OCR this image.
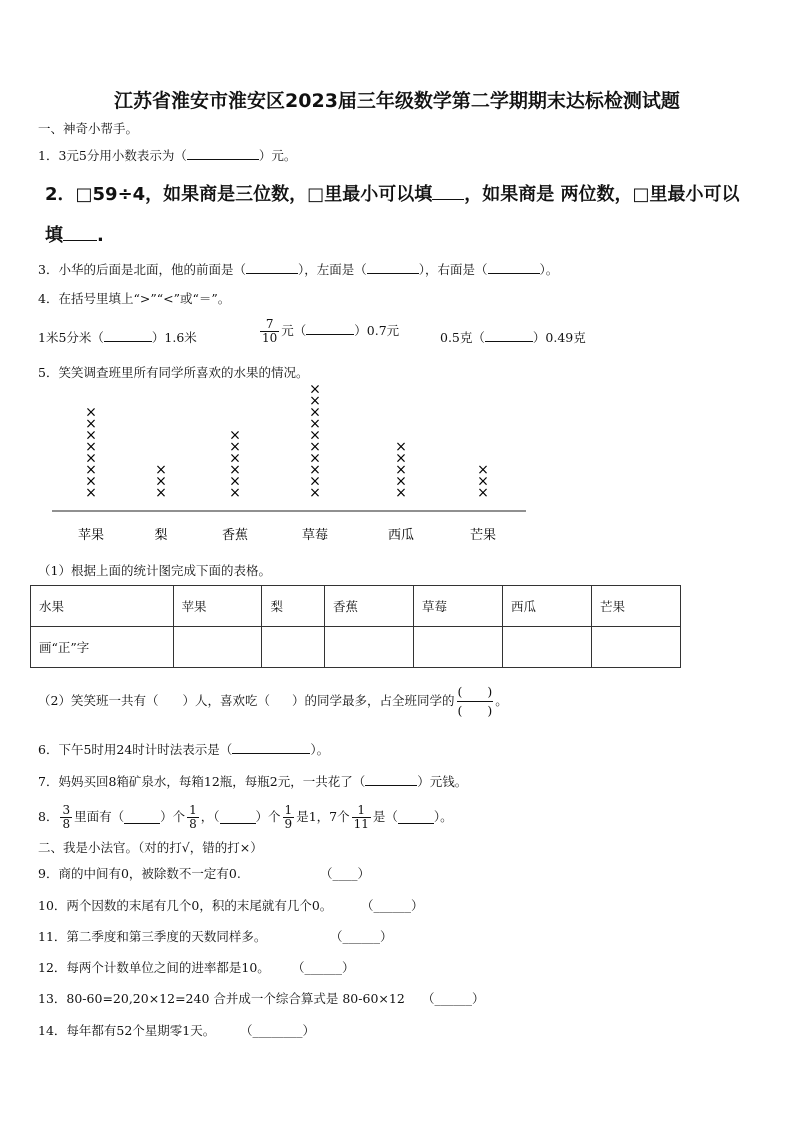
江苏省淮安市淮安区2023届三年级数学第二学期期末达标检测试题
一、神奇小帮手。
1．3元5分用小数表示为（	）元。
2．□59÷4，如果商是三位数，□里最小可以填 ，如果商是 两位数，□里最小可以
填 .
3．小华的后面是北面，他的前面是（	），左面是（	），右面是（	）。
4．在括号里填上“>”“<”或“＝”。
1米5分米（	）1.6米	$\frac{7}{10}$ 元（	）0.7元	0.5克（	）0.49克
5．笑笑调查班里所有同学所喜欢的水果的情况。
×
×
×
×
×
×
×
×
×
×
×
×
×
×
×
×
×
×
×
×
×
×
×
×
×
×
×
×
×
×
×
×
×
×
×
苹果	梨	香蕉	草莓	西瓜	芒果
（1）根据上面的统计图完成下面的表格。
水果	苹果	梨	香蕉	草莓	西瓜	芒果
画“正”字						
（2）笑笑班一共有（ ）人，喜欢吃（ ）的同学最多，占全班同学的 $\frac{( )}{( )}$ 。
6．下午5时用24时计时法表示是（	）。
7．妈妈买回8箱矿泉水，每箱12瓶，每瓶2元，一共花了（	）元钱。
8． $\frac{3}{8}$ 里面有（	）个 $\frac{1}{8}$ ，（	）个 $\frac{1}{9}$ 是1，7个 $\frac{1}{11}$ 是（	）。
二、我是小法官。（对的打√，错的打×）
9．商的中间有0，被除数不一定有0.	（____）
10．两个因数的末尾有几个0，积的末尾就有几个0。 （______）
11．第二季度和第三季度的天数同样多。	（______）
12．每两个计数单位之间的进率都是10。 （______）
13．80-60=20,20×12=240 合并成一个综合算式是 80-60×12 （______）
14．每年都有52个星期零1天。 （________）
